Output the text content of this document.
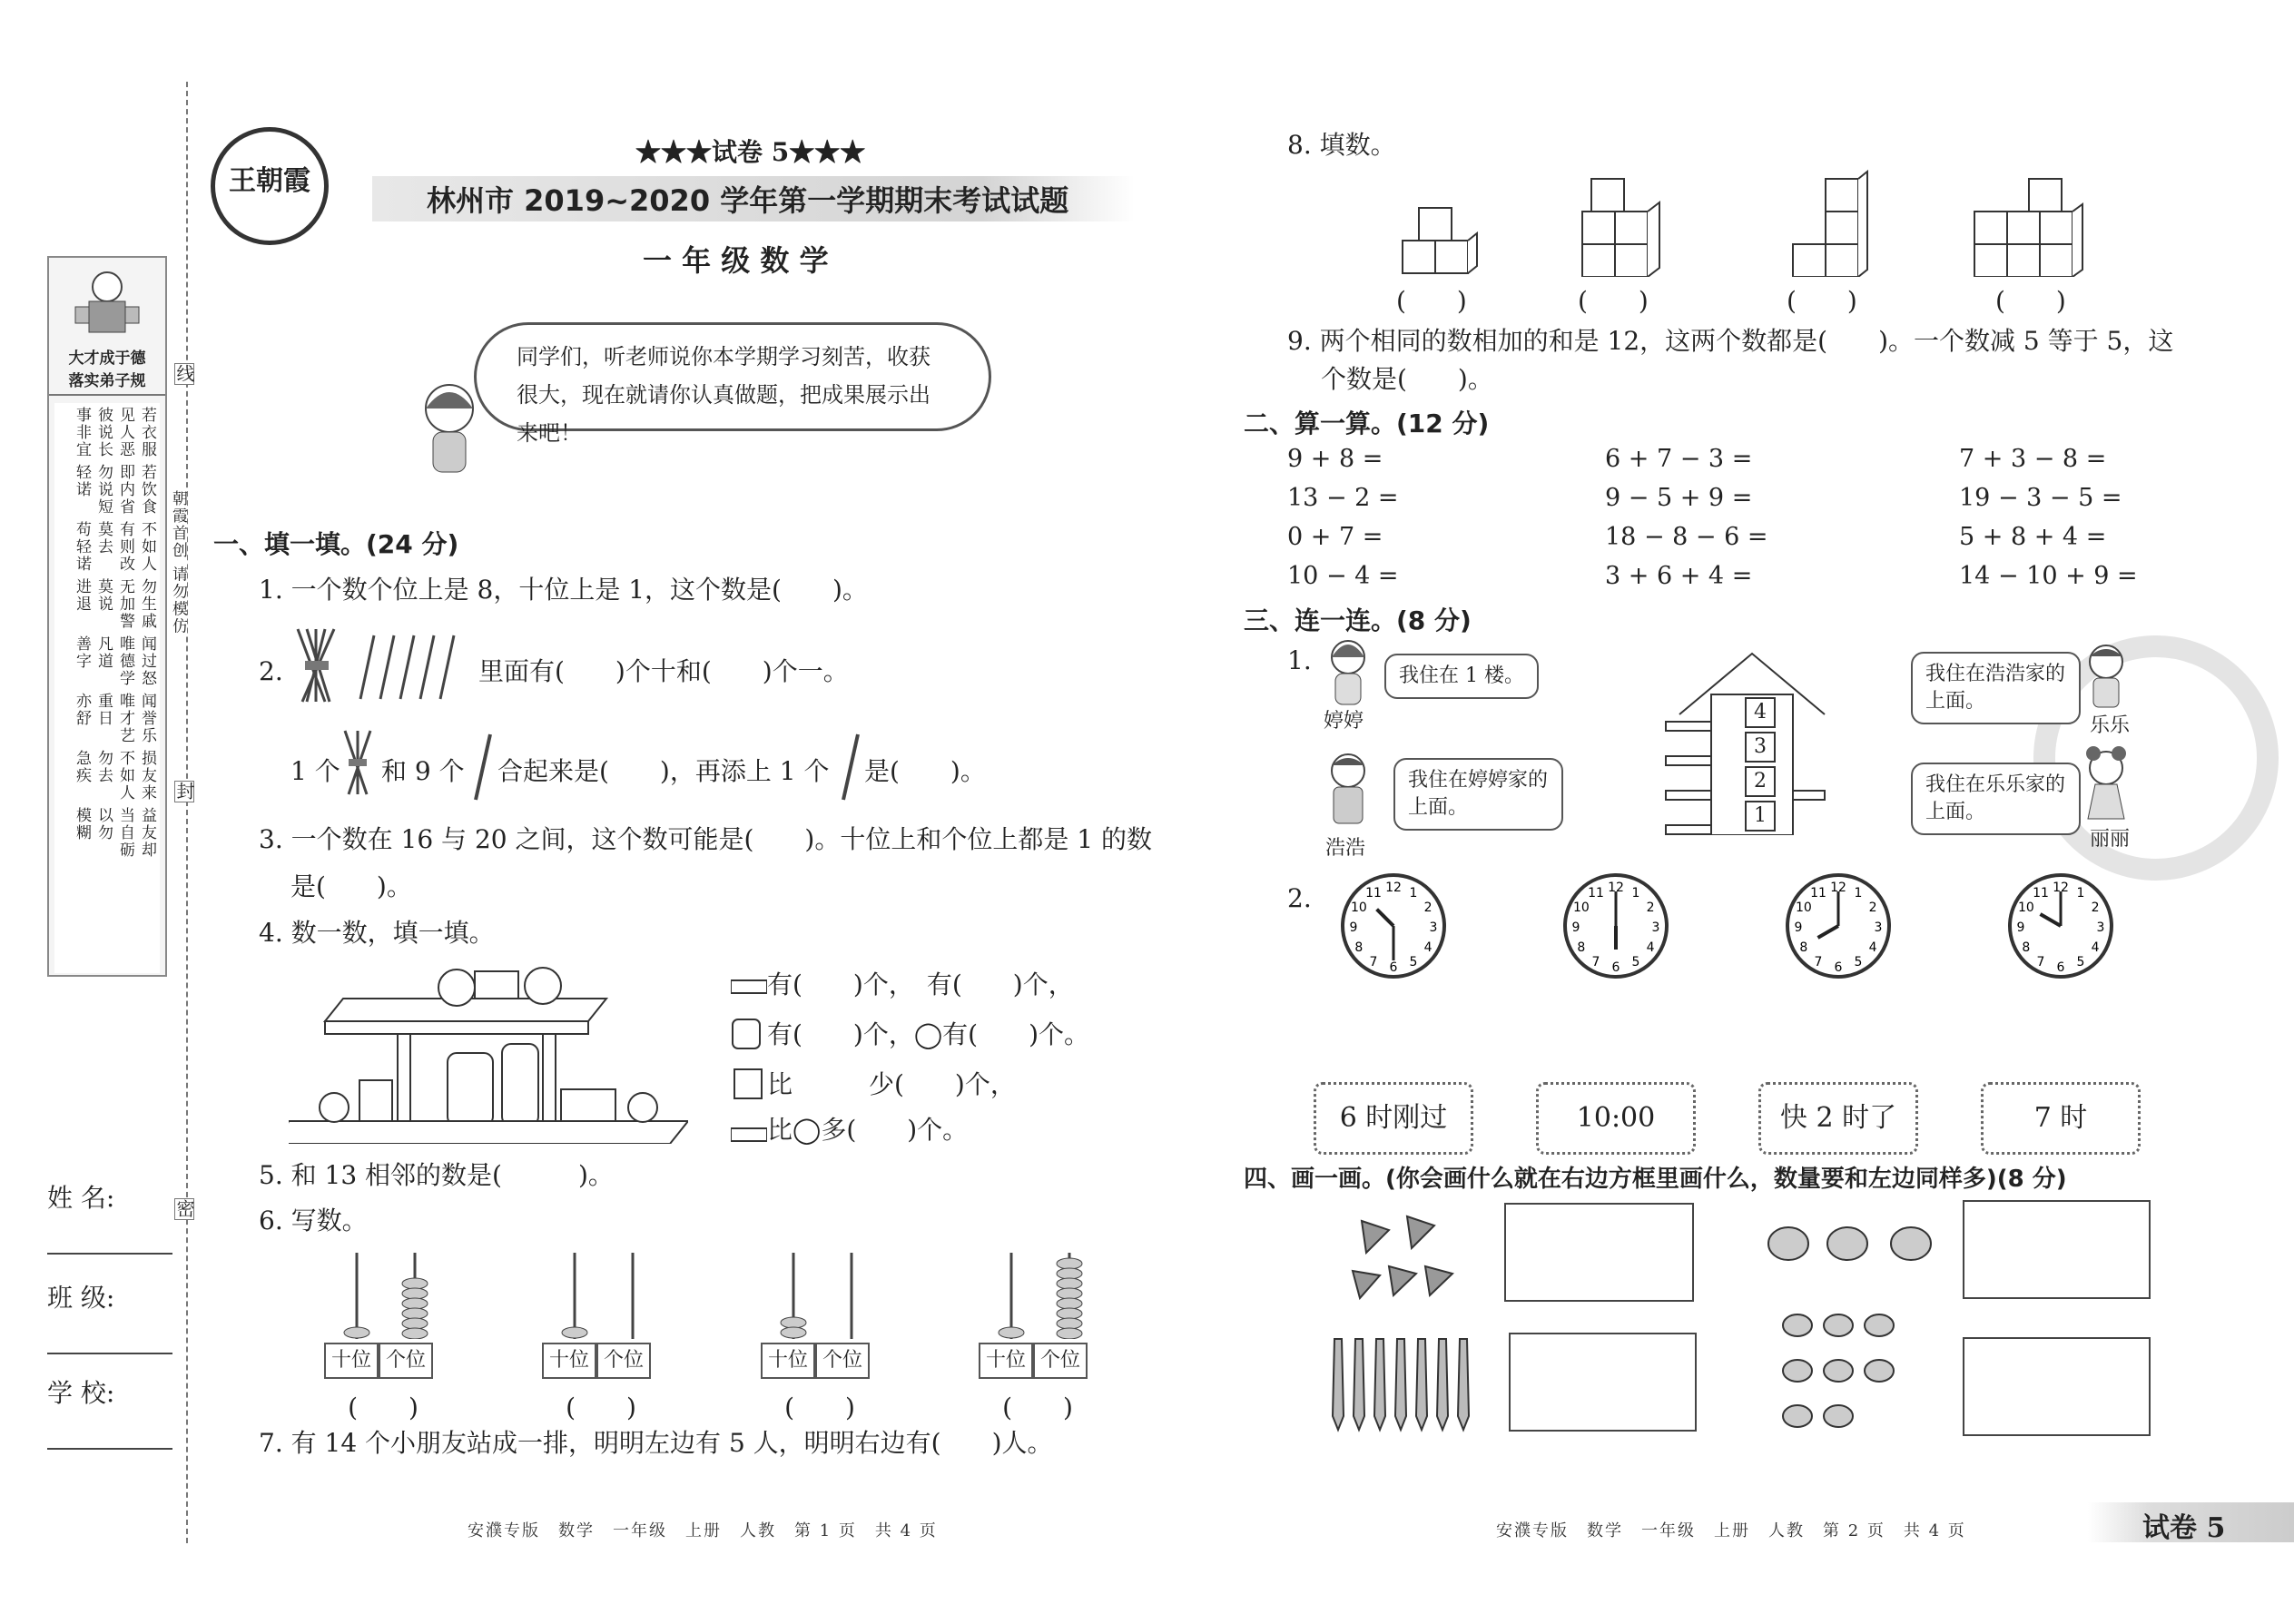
大才成于德
落实弟子规
若衣服
见人恶
彼说长
事非宜
若饮食
即内省
勿说短
轻诺
不如人
有则改
莫去
苟轻诺
勿生戚
无加警
莫说
进退
闻过怒
唯德学
凡道
善字
闻誉乐
唯才艺
重日
亦舒
损友来
不如人
勿去
急疾
益友却
当自砺
以勿
模糊
线
朝霞首创 请勿模仿
封
密
姓 名:
班 级:
学 校:
王朝霞
★★★试卷 5★★★
林州市 2019~2020 学年第一学期期末考试试题
一 年 级 数 学
同学们，听老师说你本学期学习刻苦，收获很大，现在就请你认真做题，把成果展示出来吧！
一、填一填。(24 分)
1. 一个数个位上是 8，十位上是 1，这个数是(　　)。
2.	里面有(　　)个十和(　　)个一。
1 个 和 9 个 合起来是(　　)，再添上 1 个 是(　　)。
3. 一个数在 16 与 20 之间，这个数可能是(　　)。十位上和个位上都是 1 的数
是(　　)。
4. 数一数，填一填。
有(　　)个，　有(　　)个，
有(　　)个，◯有(　　)个。
比　　　少(　　)个，
比◯多(　　)个。
5. 和 13 相邻的数是(　　　)。
6. 写数。
十位 个位
(　　)
十位 个位
(　　)
十位 个位
(　　)
十位 个位
(　　)
7. 有 14 个小朋友站成一排，明明左边有 5 人，明明右边有(　　)人。
安濮专版　数学　一年级　上册　人教　第 1 页　共 4 页
8. 填数。
(　　)	(　　)	(　　)	(　　)
9. 两个相同的数相加的和是 12，这两个数都是(　　)。一个数减 5 等于 5，这
个数是(　　)。
二、算一算。(12 分)
9 + 8 =	6 + 7 − 3 =	7 + 3 − 8 =
13 − 2 =	9 − 5 + 9 =	19 − 3 − 5 =
0 + 7 =	18 − 8 − 6 =	5 + 8 + 4 =
10 − 4 =	3 + 6 + 4 =	14 − 10 + 9 =
三、连一连。(8 分)
1.
我住在 1 楼。
婷婷
我住在婷婷家的上面。
浩浩
4
3
2
1
我住在浩浩家的上面。
乐乐
我住在乐乐家的上面。
丽丽
2.	1
2
3
4
5
6
7
8
9
10
11 12	1
2
3
4
5
6
7
8
9
10
11 12	1
2
3
4
5
6
7
8
9
10
11 12	1
2
3
4
5
6
7
8
9
10
11 12
6 时刚过	10:00	快 2 时了	7 时
四、画一画。(你会画什么就在右边方框里画什么，数量要和左边同样多)(8 分)
安濮专版　数学　一年级　上册　人教　第 2 页　共 4 页	试卷 5
